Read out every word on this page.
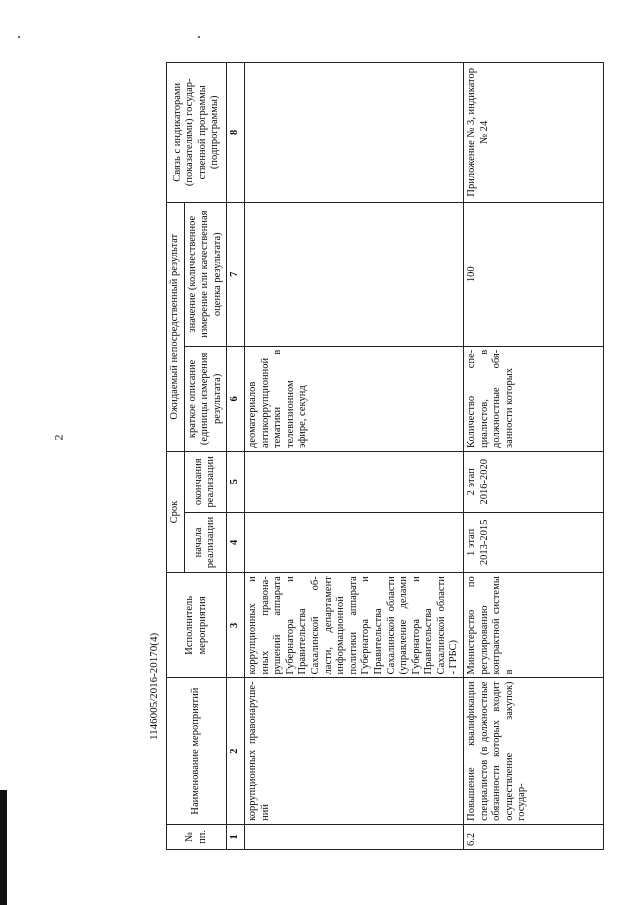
2
№ пп.	Наименование мероприятий	Исполнитель мероприятия	Срок		Ожидаемый непосредственный результат		Связь с индикаторами (показателями) государственной программы (подпрограммы)
			начала реализации	окончания реализации	краткое описание (единицы измерения результата)	значение (количественное измерение или качественная оценка результата)	
1	2	3	4	5	6	7	8
	коррупционных правонарушений	коррупционных и иных правонарушений аппарата Губернатора и Правительства Сахалинской области, департамент информационной политики аппарата Губернатора и Правительства Сахалинской области (управление делами Губернатора и Правительства Сахалинской области - ГРБС)			деоматериалов антикоррупционной тематики в телевизионном эфире, секунд		
6.2	Повышение квалификации специалистов (в должностные обязанности которых входит осуществление закупок) государ-	Министерство по регулированию контрактной системы в	1 этап 2013-2015	2 этап 2016-2020	Количество специалистов, в должностные обязанности которых	100	Приложение № 3, индикатор № 24
1146005/2016-20170(4)
